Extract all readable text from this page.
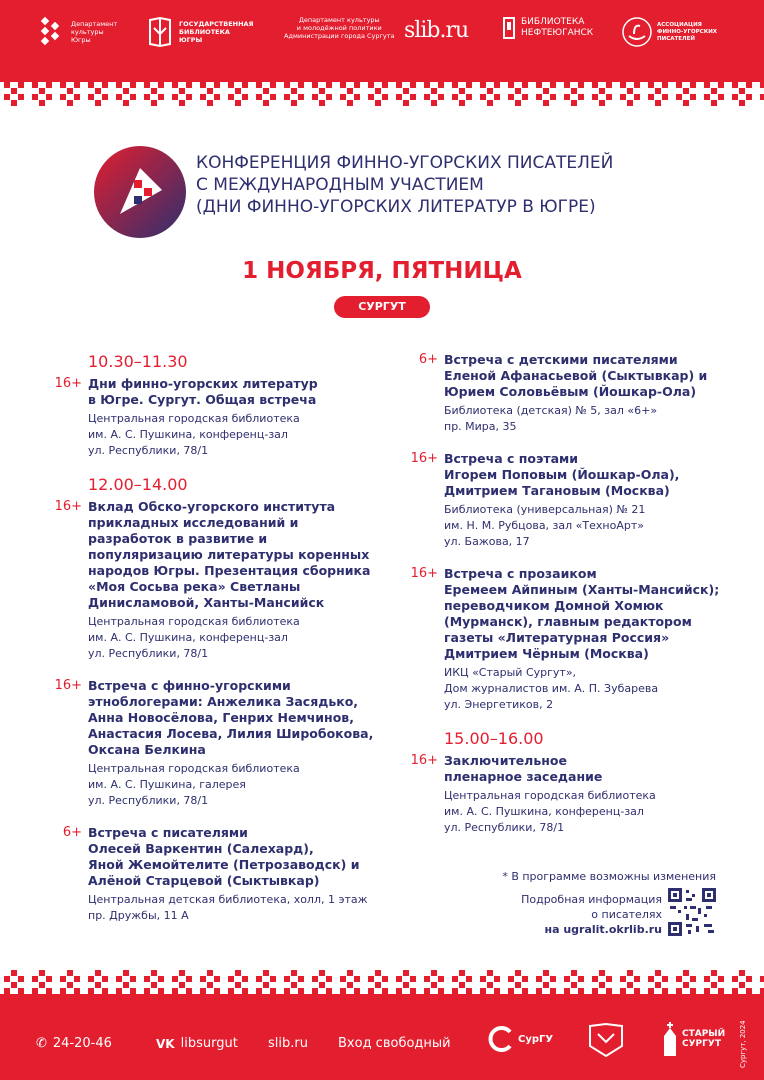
Департамент
культуры
Югры
ГОСУДАРСТВЕННАЯ
БИБЛИОТЕКА
ЮГРЫ
Департамент культуры
и молодёжной политики
Администрации города Сургута slib.ru	БИБЛИОТЕКА
НЕФТЕЮГАНСК
АССОЦИАЦИЯ
ФИННО-УГОРСКИХ
ПИСАТЕЛЕЙ
КОНФЕРЕНЦИЯ ФИННО-УГОРСКИХ ПИСАТЕЛЕЙ
С МЕЖДУНАРОДНЫМ УЧАСТИЕМ
(ДНИ ФИННО-УГОРСКИХ ЛИТЕРАТУР В ЮГРЕ)
1 НОЯБРЯ, ПЯТНИЦА
СУРГУТ
10.30–11.30
16+ Дни финно-угорских литератур
в Югре. Сургут. Общая встреча
Центральная городская библиотека
им. А. С. Пушкина, конференц-зал
ул. Республики, 78/1
12.00–14.00
16+ Вклад Обско-угорского института
прикладных исследований и
разработок в развитие и
популяризацию литературы коренных
народов Югры. Презентация сборника
«Моя Сосьва река» Светланы
Динисламовой, Ханты-Мансийск
Центральная городская библиотека
им. А. С. Пушкина, конференц-зал
ул. Республики, 78/1
16+ Встреча с финно-угорскими
этноблогерами: Анжелика Засядько,
Анна Новосёлова, Генрих Немчинов,
Анастасия Лосева, Лилия Широбокова,
Оксана Белкина
Центральная городская библиотека
им. А. С. Пушкина, галерея
ул. Республики, 78/1
6+ Встреча с писателями
Олесей Варкентин (Салехард),
Яной Жемойтелите (Петрозаводск) и
Алёной Старцевой (Сыктывкар)
Центральная детская библиотека, холл, 1 этаж
пр. Дружбы, 11 А
6+ Встреча с детскими писателями
Еленой Афанасьевой (Сыктывкар) и
Юрием Соловьёвым (Йошкар-Ола)
Библиотека (детская) № 5, зал «6+»
пр. Мира, 35
16+ Встреча с поэтами
Игорем Поповым (Йошкар-Ола),
Дмитрием Тагановым (Москва)
Библиотека (универсальная) № 21
им. Н. М. Рубцова, зал «ТехноАрт»
ул. Бажова, 17
16+ Встреча с прозаиком
Еремеем Айпиным (Ханты-Мансийск);
переводчиком Домной Хомюк
(Мурманск), главным редактором
газеты «Литературная Россия»
Дмитрием Чёрным (Москва)
ИКЦ «Старый Сургут»,
Дом журналистов им. А. П. Зубарева
ул. Энергетиков, 2
15.00–16.00
16+ Заключительное
пленарное заседание
Центральная городская библиотека
им. А. С. Пушкина, конференц-зал
ул. Республики, 78/1
* В программе возможны изменения
Подробная информация
о писателях
на ugralit.okrlib.ru
✆ 24-20-46	VK libsurgut slib.ru Вход свободный	СурГУ	СТАРЫЙ СУРГУТ	Сургут, 2024
